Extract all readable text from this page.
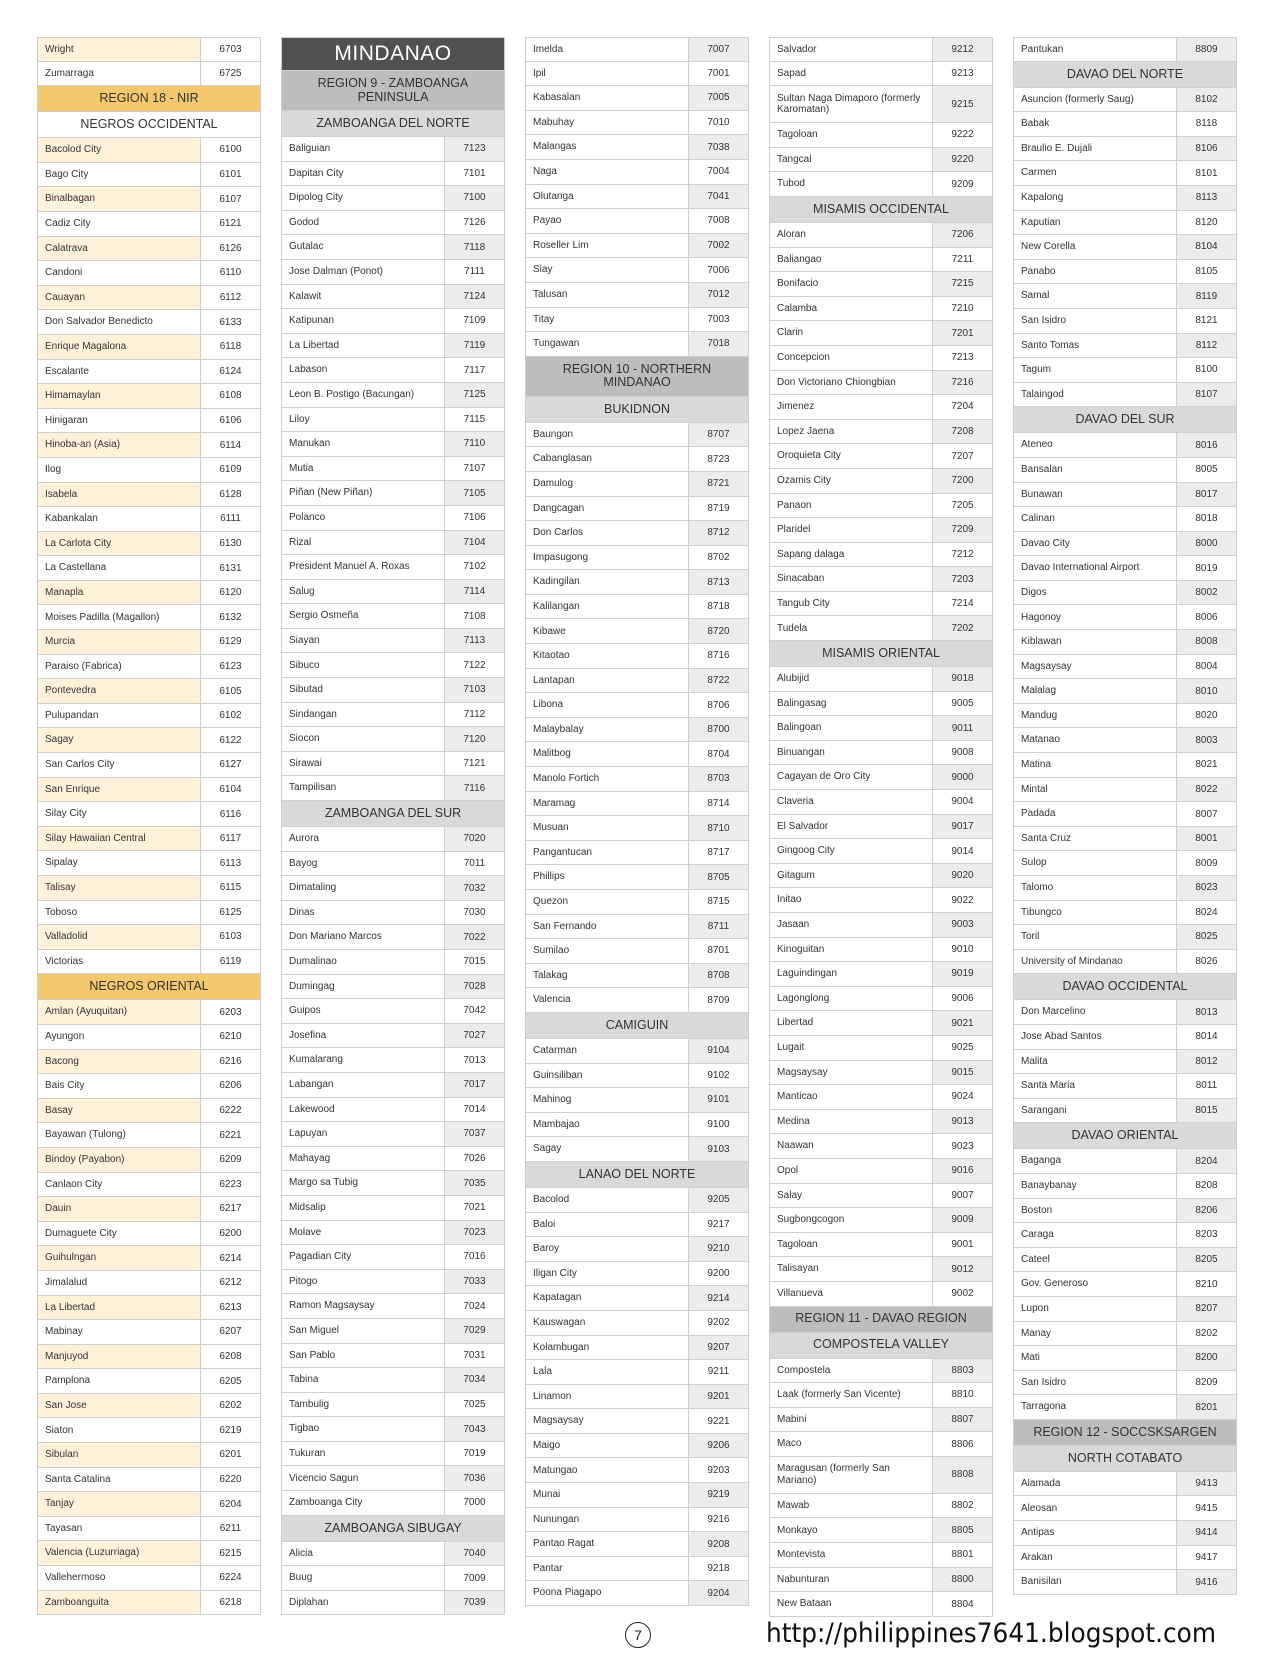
Wright	6703
Zumarraga	6725
REGION 18 - NIR
NEGROS OCCIDENTAL
Bacolod City	6100
Bago City	6101
Binalbagan	6107
Cadiz City	6121
Calatrava	6126
Candoni	6110
Cauayan	6112
Don Salvador Benedicto	6133
Enrique Magalona	6118
Escalante	6124
Himamaylan	6108
Hinigaran	6106
Hinoba-an (Asia)	6114
Ilog	6109
Isabela	6128
Kabankalan	6111
La Carlota City	6130
La Castellana	6131
Manapla	6120
Moises Padilla (Magallon)	6132
Murcia	6129
Paraiso (Fabrica)	6123
Pontevedra	6105
Pulupandan	6102
Sagay	6122
San Carlos City	6127
San Enrique	6104
Silay City	6116
Silay Hawaiian Central	6117
Sipalay	6113
Talisay	6115
Toboso	6125
Valladolid	6103
Victorias	6119
NEGROS ORIENTAL
Amlan (Ayuquitan)	6203
Ayungon	6210
Bacong	6216
Bais City	6206
Basay	6222
Bayawan (Tulong)	6221
Bindoy (Payabon)	6209
Canlaon City	6223
Dauin	6217
Dumaguete City	6200
Guihulngan	6214
Jimalalud	6212
La Libertad	6213
Mabinay	6207
Manjuyod	6208
Pamplona	6205
San Jose	6202
Siaton	6219
Sibulan	6201
Santa Catalina	6220
Tanjay	6204
Tayasan	6211
Valencia (Luzurriaga)	6215
Vallehermoso	6224
Zamboanguita	6218
MINDANAO
REGION 9 - ZAMBOANGA PENINSULA
ZAMBOANGA DEL NORTE
Baliguian	7123
Dapitan City	7101
Dipolog City	7100
Godod	7126
Gutalac	7118
Jose Dalman (Ponot)	7111
Kalawit	7124
Katipunan	7109
La Libertad	7119
Labason	7117
Leon B. Postigo (Bacungan)	7125
Liloy	7115
Manukan	7110
Mutia	7107
Piñan (New Piñan)	7105
Polanco	7106
Rizal	7104
President Manuel A. Roxas	7102
Salug	7114
Sergio Osmeña	7108
Siayan	7113
Sibuco	7122
Sibutad	7103
Sindangan	7112
Siocon	7120
Sirawai	7121
Tampilisan	7116
ZAMBOANGA DEL SUR
Aurora	7020
Bayog	7011
Dimataling	7032
Dinas	7030
Don Mariano Marcos	7022
Dumalinao	7015
Dumingag	7028
Guipos	7042
Josefina	7027
Kumalarang	7013
Labangan	7017
Lakewood	7014
Lapuyan	7037
Mahayag	7026
Margo sa Tubig	7035
Midsalip	7021
Molave	7023
Pagadian City	7016
Pitogo	7033
Ramon Magsaysay	7024
San Miguel	7029
San Pablo	7031
Tabina	7034
Tambulig	7025
Tigbao	7043
Tukuran	7019
Vicencio Sagun	7036
Zamboanga City	7000
ZAMBOANGA SIBUGAY
Alicia	7040
Buug	7009
Diplahan	7039
Imelda	7007
Ipil	7001
Kabasalan	7005
Mabuhay	7010
Malangas	7038
Naga	7004
Olutanga	7041
Payao	7008
Roseller Lim	7002
Siay	7006
Talusan	7012
Titay	7003
Tungawan	7018
REGION 10 - NORTHERN MINDANAO
BUKIDNON
Baungon	8707
Cabanglasan	8723
Damulog	8721
Dangcagan	8719
Don Carlos	8712
Impasugong	8702
Kadingilan	8713
Kalilangan	8718
Kibawe	8720
Kitaotao	8716
Lantapan	8722
Libona	8706
Malaybalay	8700
Malitbog	8704
Manolo Fortich	8703
Maramag	8714
Musuan	8710
Pangantucan	8717
Phillips	8705
Quezon	8715
San Fernando	8711
Sumilao	8701
Talakag	8708
Valencia	8709
CAMIGUIN
Catarman	9104
Guinsiliban	9102
Mahinog	9101
Mambajao	9100
Sagay	9103
LANAO DEL NORTE
Bacolod	9205
Baloi	9217
Baroy	9210
Iligan City	9200
Kapatagan	9214
Kauswagan	9202
Kolambugan	9207
Lala	9211
Linamon	9201
Magsaysay	9221
Maigo	9206
Matungao	9203
Munai	9219
Nunungan	9216
Pantao Ragat	9208
Pantar	9218
Poona Piagapo	9204
Salvador	9212
Sapad	9213
Sultan Naga Dimaporo (formerly Karomatan)	9215
Tagoloan	9222
Tangcal	9220
Tubod	9209
MISAMIS OCCIDENTAL
Aloran	7206
Baliangao	7211
Bonifacio	7215
Calamba	7210
Clarin	7201
Concepcion	7213
Don Victoriano Chiongbian	7216
Jimenez	7204
Lopez Jaena	7208
Oroquieta City	7207
Ozamis City	7200
Panaon	7205
Plaridel	7209
Sapang dalaga	7212
Sinacaban	7203
Tangub City	7214
Tudela	7202
MISAMIS ORIENTAL
Alubijid	9018
Balingasag	9005
Balingoan	9011
Binuangan	9008
Cagayan de Oro City	9000
Claveria	9004
El Salvador	9017
Gingoog City	9014
Gitagum	9020
Initao	9022
Jasaan	9003
Kinoguitan	9010
Laguindingan	9019
Lagonglong	9006
Libertad	9021
Lugait	9025
Magsaysay	9015
Manticao	9024
Medina	9013
Naawan	9023
Opol	9016
Salay	9007
Sugbongcogon	9009
Tagoloan	9001
Talisayan	9012
Villanueva	9002
REGION 11 - DAVAO REGION
COMPOSTELA VALLEY
Compostela	8803
Laak (formerly San Vicente)	8810
Mabini	8807
Maco	8806
Maragusan (formerly San Mariano)	8808
Mawab	8802
Monkayo	8805
Montevista	8801
Nabunturan	8800
New Bataan	8804
Pantukan	8809
DAVAO DEL NORTE
Asuncion (formerly Saug)	8102
Babak	8118
Braulio E. Dujali	8106
Carmen	8101
Kapalong	8113
Kaputian	8120
New Corella	8104
Panabo	8105
Samal	8119
San Isidro	8121
Santo Tomas	8112
Tagum	8100
Talaingod	8107
DAVAO DEL SUR
Ateneo	8016
Bansalan	8005
Bunawan	8017
Calinan	8018
Davao City	8000
Davao International Airport	8019
Digos	8002
Hagonoy	8006
Kiblawan	8008
Magsaysay	8004
Malalag	8010
Mandug	8020
Matanao	8003
Matina	8021
Mintal	8022
Padada	8007
Santa Cruz	8001
Sulop	8009
Talomo	8023
Tibungco	8024
Toril	8025
University of Mindanao	8026
DAVAO OCCIDENTAL
Don Marcelino	8013
Jose Abad Santos	8014
Malita	8012
Santa Maria	8011
Sarangani	8015
DAVAO ORIENTAL
Baganga	8204
Banaybanay	8208
Boston	8206
Caraga	8203
Cateel	8205
Gov. Generoso	8210
Lupon	8207
Manay	8202
Mati	8200
San Isidro	8209
Tarragona	8201
REGION 12 - SOCCSKSARGEN
NORTH COTABATO
Alamada	9413
Aleosan	9415
Antipas	9414
Arakan	9417
Banisilan	9416
7	http://philippines7641.blogspot.com
